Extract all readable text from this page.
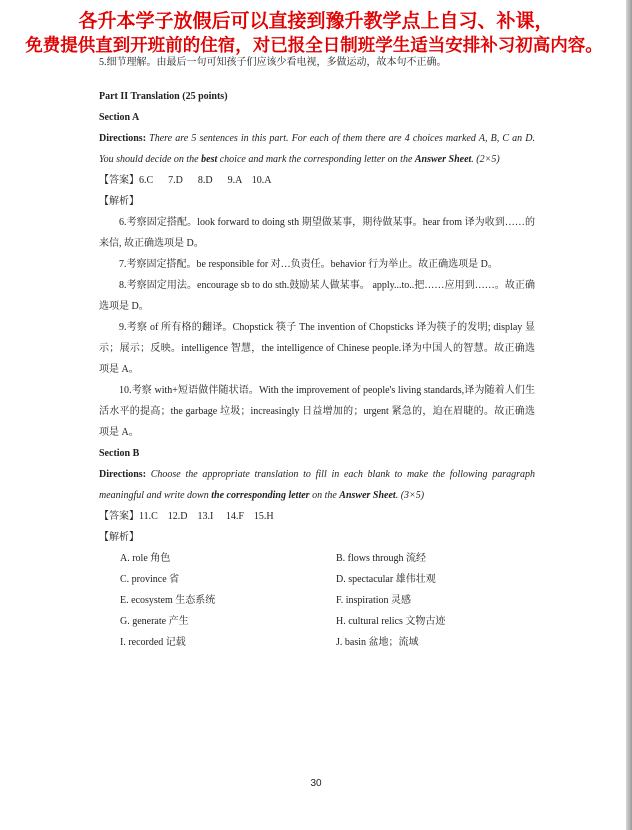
各升本学子放假后可以直接到豫升教学点上自习、补课，
免费提供直到开班前的住宿，对已报全日制班学生适当安排补习初高内容。

5.细节理解。由最后一句可知孩子们应该少看电视，多做运动，故本句不正确。

Part II Translation (25 points)

Section A

Directions: There are 5 sentences in this part. For each of them there are 4 choices marked A, B, C an D. You should decide on the best choice and mark the corresponding letter on the Answer Sheet. (2×5)

【答案】6.C      7.D      8.D      9.A    10.A

【解析】

6.考察固定搭配。look forward to doing sth 期望做某事，期待做某事。hear from 译为收到……的来信, 故正确选项是 D。

7.考察固定搭配。be responsible for 对…负责任。behavior 行为举止。故正确选项是 D。

8.考察固定用法。encourage sb to do sth.鼓励某人做某事。 apply...to..把……应用到……。故正确选项是 D。

9.考察 of 所有格的翻译。Chopstick 筷子 The invention of Chopsticks 译为筷子的发明; display 显示；展示；反映。intelligence 智慧，the intelligence of Chinese people.译为中国人的智慧。故正确选项是 A。

10.考察 with+短语做伴随状语。With the improvement of people's living standards,译为随着人们生活水平的提高；the garbage 垃圾；increasingly 日益增加的；urgent 紧急的，迫在眉睫的。故正确选项是 A。

Section B

Directions: Choose the appropriate translation to fill in each blank to make the following paragraph meaningful and write down the corresponding letter on the Answer Sheet. (3×5)

【答案】11.C    12.D    13.I     14.F    15.H

【解析】

A. role 角色	B. flows through 流经
C. province 省	D. spectacular 雄伟壮观
E. ecosystem 生态系统	F. inspiration 灵感
G. generate 产生	H. cultural relics 文物古迹
I. recorded 记载	J. basin 盆地；流域
30
